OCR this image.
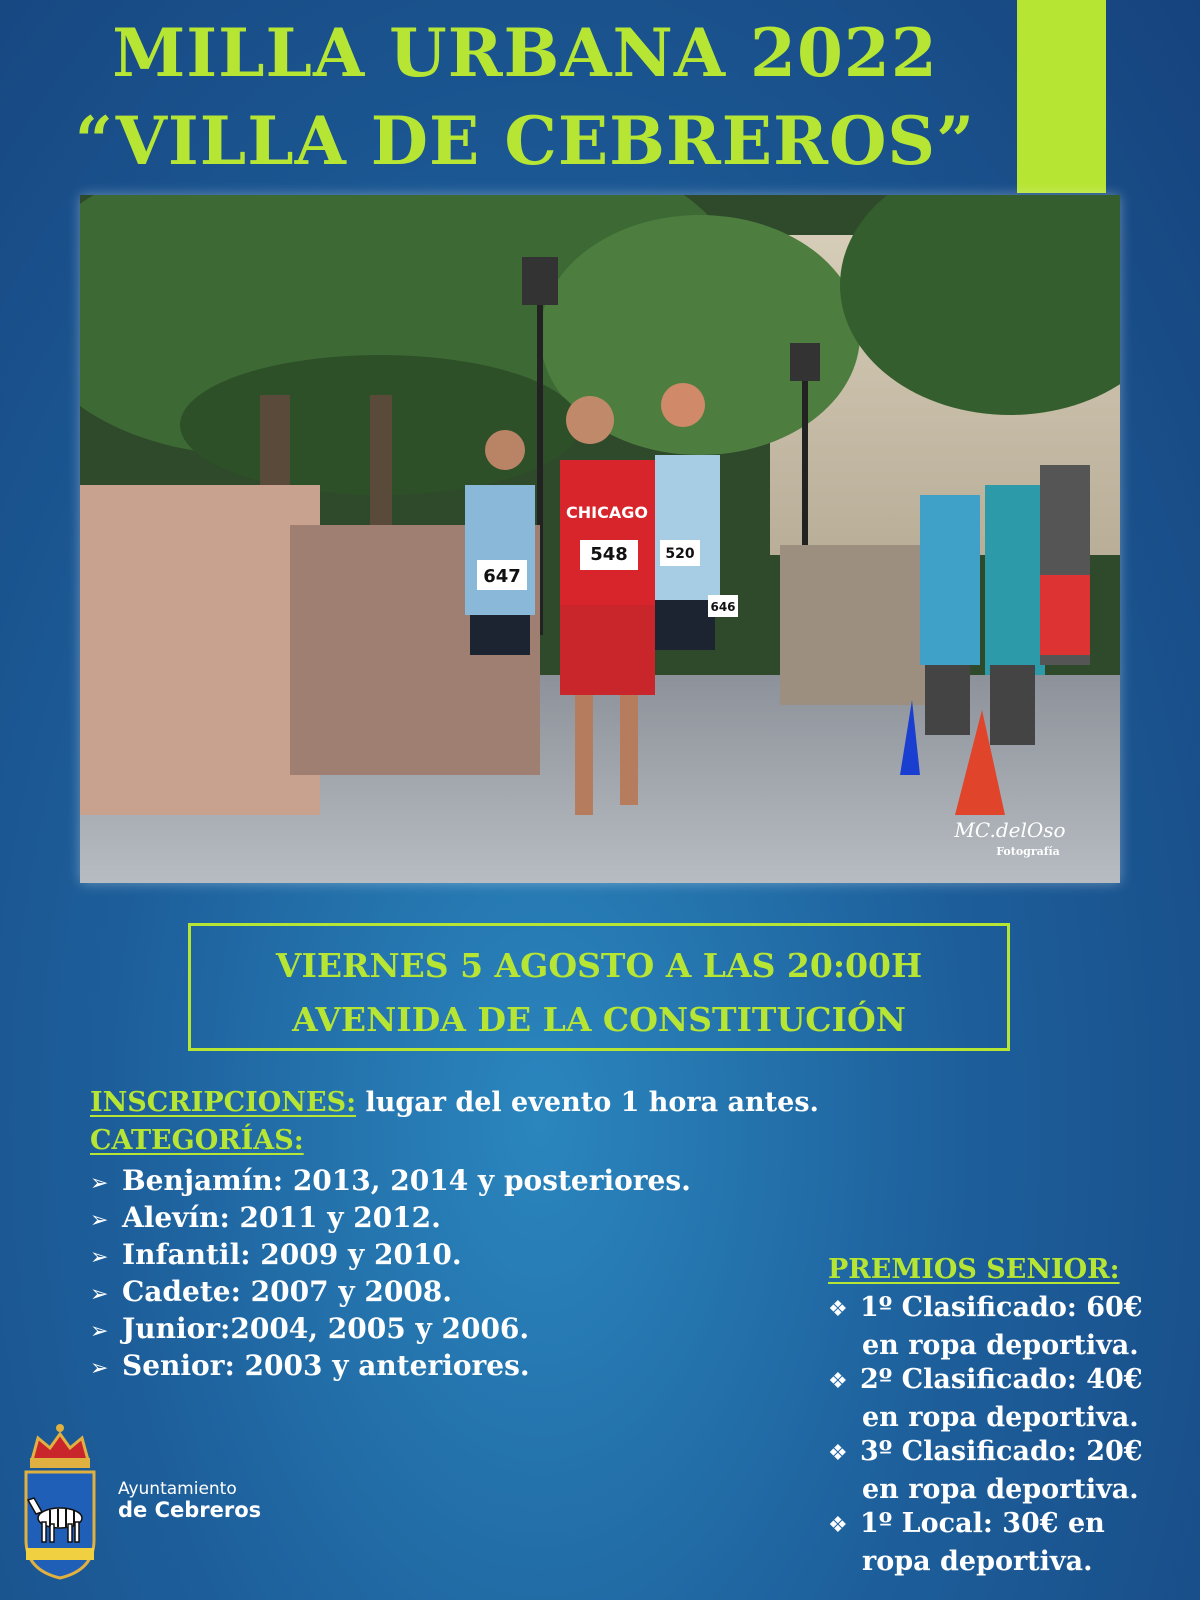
MILLA URBANA 2022
“VILLA DE CEBREROS”
CHICAGO
647
548	520
646
MC.delOso
Fotografía
VIERNES 5 AGOSTO A LAS 20:00H
AVENIDA DE LA CONSTITUCIÓN
INSCRIPCIONES: lugar del evento 1 hora antes.
CATEGORÍAS:
➢ Benjamín: 2013, 2014 y posteriores.
➢ Alevín: 2011 y 2012.
➢ Infantil: 2009 y 2010.
➢ Cadete: 2007 y 2008.
➢ Junior:2004, 2005 y 2006.
➢ Senior: 2003 y anteriores.
PREMIOS SENIOR:
❖ 1º Clasificado: 60€
en ropa deportiva.
❖ 2º Clasificado: 40€
en ropa deportiva.
❖ 3º Clasificado: 20€
en ropa deportiva.
❖ 1º Local: 30€ en
ropa deportiva.
Ayuntamiento
de Cebreros
